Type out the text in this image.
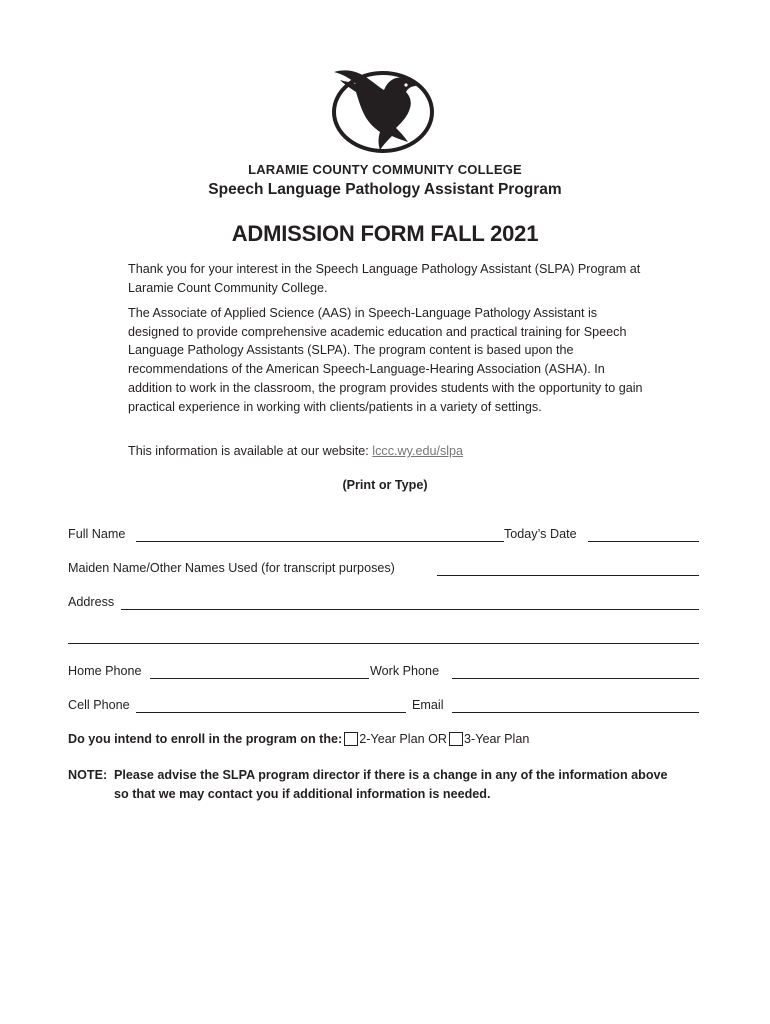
LARAMIE COUNTY COMMUNITY COLLEGE
Speech Language Pathology Assistant Program
ADMISSION FORM FALL 2021
Thank you for your interest in the Speech Language Pathology Assistant (SLPA) Program at Laramie Count Community College.
The Associate of Applied Science (AAS) in Speech-Language Pathology Assistant is designed to provide comprehensive academic education and practical training for Speech Language Pathology Assistants (SLPA). The program content is based upon the recommendations of the American Speech-Language-Hearing Association (ASHA). In addition to work in the classroom, the program provides students with the opportunity to gain practical experience in working with clients/patients in a variety of settings.
This information is available at our website: lccc.wy.edu/slpa
(Print or Type)
Full Name	Today’s Date
Maiden Name/Other Names Used (for transcript purposes)
Address
Home Phone	Work Phone
Cell Phone	Email
Do you intend to enroll in the program on the: 2-Year Plan OR 3-Year Plan
NOTE: Please advise the SLPA program director if there is a change in any of the information above
so that we may contact you if additional information is needed.
